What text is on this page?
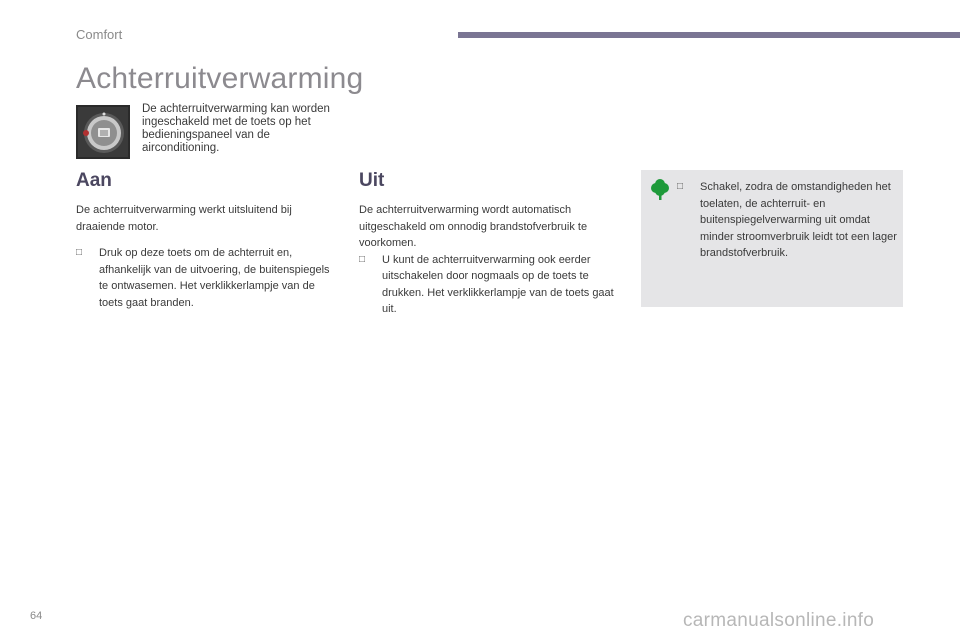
Comfort
Achterruitverwarming

De achterruitverwarming kan worden ingeschakeld met de toets op het bedieningspaneel van de airconditioning.

Aan

De achterruitverwarming werkt uitsluitend bij draaiende motor.

□ Druk op deze toets om de achterruit en, afhankelijk van de uitvoering, de buitenspiegels te ontwasemen. Het verklikkerlampje van de toets gaat branden.
Uit

De achterruitverwarming wordt automatisch uitgeschakeld om onnodig brandstofverbruik te voorkomen.

□ U kunt de achterruitverwarming ook eerder uitschakelen door nogmaals op de toets te drukken. Het verklikkerlampje van de toets gaat uit.
□ Schakel, zodra de omstandigheden het toelaten, de achterruit- en buitenspiegelverwarming uit omdat minder stroomverbruik leidt tot een lager brandstofverbruik.
64	carmanualsonline.info
